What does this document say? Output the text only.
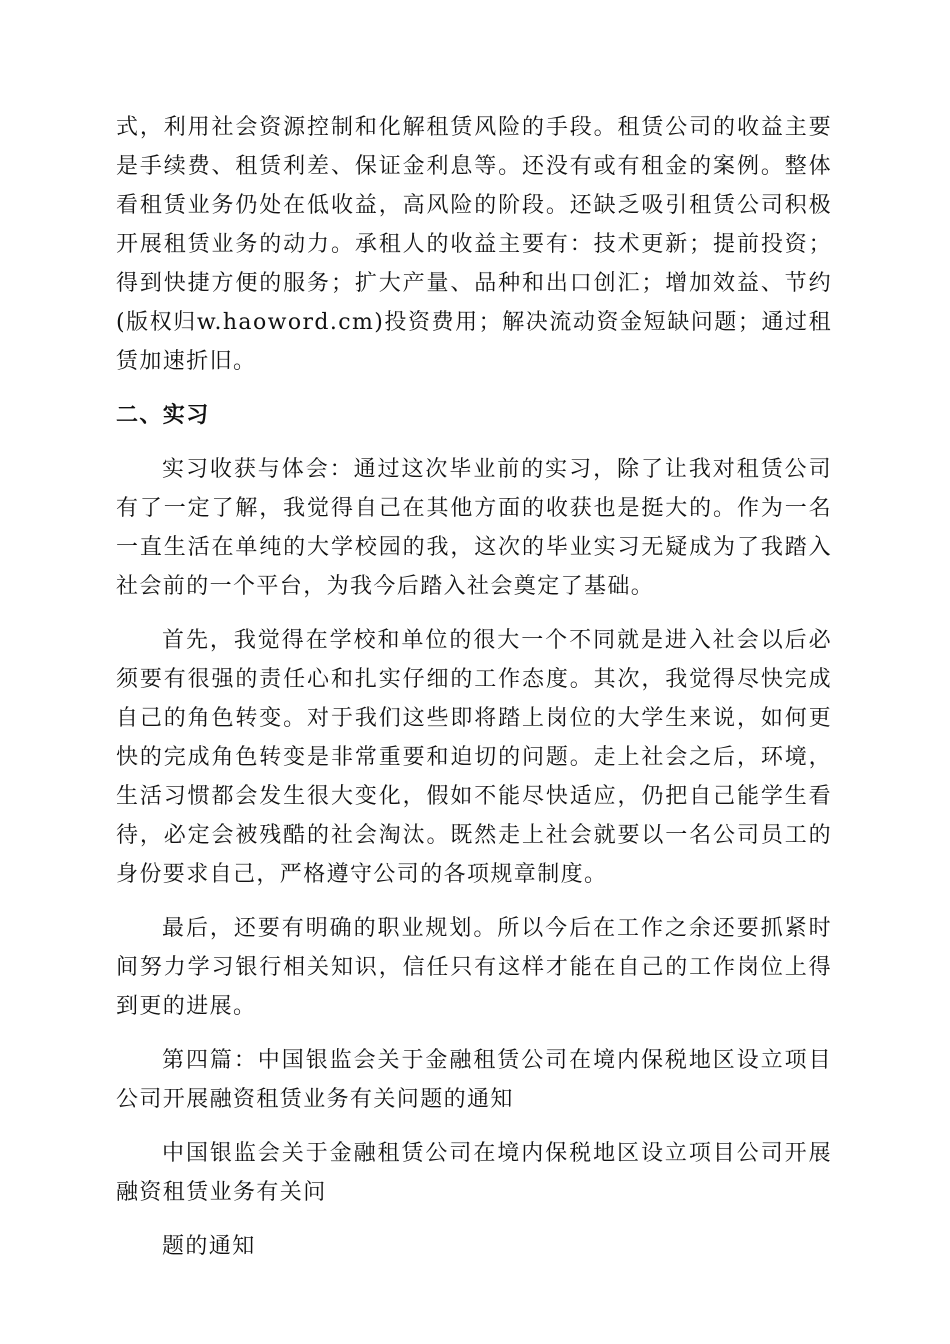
式，利用社会资源控制和化解租赁风险的手段。租赁公司的收益主要是手续费、租赁利差、保证金利息等。还没有或有租金的案例。整体看租赁业务仍处在低收益，高风险的阶段。还缺乏吸引租赁公司积极开展租赁业务的动力。承租人的收益主要有：技术更新；提前投资；得到快捷方便的服务；扩大产量、品种和出口创汇；增加效益、节约(版权归w.haoword.cm)投资费用；解决流动资金短缺问题；通过租赁加速折旧。

二、实习

实习收获与体会：通过这次毕业前的实习，除了让我对租赁公司有了一定了解，我觉得自己在其他方面的收获也是挺大的。作为一名一直生活在单纯的大学校园的我，这次的毕业实习无疑成为了我踏入社会前的一个平台，为我今后踏入社会奠定了基础。

首先，我觉得在学校和单位的很大一个不同就是进入社会以后必须要有很强的责任心和扎实仔细的工作态度。其次，我觉得尽快完成自己的角色转变。对于我们这些即将踏上岗位的大学生来说，如何更快的完成角色转变是非常重要和迫切的问题。走上社会之后，环境，生活习惯都会发生很大变化，假如不能尽快适应，仍把自己能学生看待，必定会被残酷的社会淘汰。既然走上社会就要以一名公司员工的身份要求自己，严格遵守公司的各项规章制度。

最后，还要有明确的职业规划。所以今后在工作之余还要抓紧时间努力学习银行相关知识，信任只有这样才能在自己的工作岗位上得到更的进展。

第四篇：中国银监会关于金融租赁公司在境内保税地区设立项目公司开展融资租赁业务有关问题的通知

中国银监会关于金融租赁公司在境内保税地区设立项目公司开展融资租赁业务有关问

题的通知
